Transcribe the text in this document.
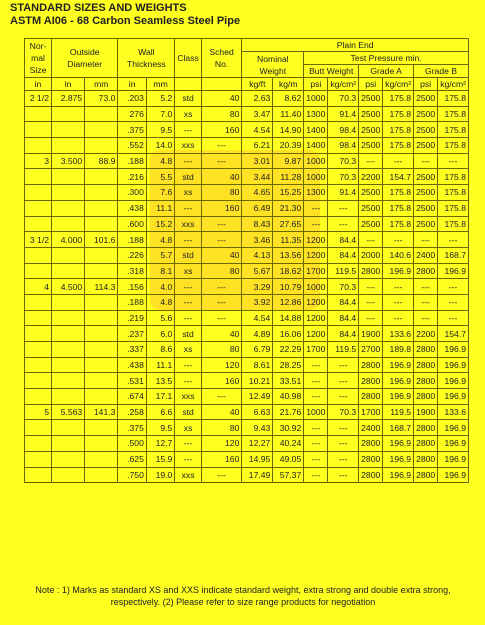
STANDARD SIZES AND WEIGHTS
ASTM AI06 - 68 Carbon Seamless Steel Pipe
Nor-mal Size	Outside Diameter		Wall Thickness		Class	Sched No.	Plain End							
							Nominal Weight		Test Pressure min.					
									Butt Weight		Grade A		Grade B	
in	in	mm	in	mm			kg/ft	kg/m	psi	kg/cm²	psi	kg/cm²	psi	kg/cm²
2 1/2	2.875	73.0	.203	5.2	std	40	2.63	8.62	1000	70.3	2500	175.8	2500	175.8
			276	7.0	xs	80	3.47	11.40	1300	91.4	2500	175.8	2500	175.8
			.375	9.5	---	160	4.54	14.90	1400	98.4	2500	175.8	2500	175.8
			.552	14.0	xxs	---	6.21	20.39	1400	98.4	2500	175.8	2500	175.8
3	3.500	88.9	.188	4.8	---	---	3.01	9.87	1000	70.3	---	---	---	---
			.216	5.5	std	40	3.44	11.28	1000	70.3	2200	154.7	2500	175.8
			.300	7.6	xs	80	4.65	15.25	1300	91.4	2500	175.8	2500	175.8
			.438	11.1	---	160	6.49	21.30	---	---	2500	175.8	2500	175.8
			.600	15.2	xxs	---	8.43	27.65	---	---	2500	175.8	2500	175.8
3 1/2	4.000	101.6	.188	4.8	---	---	3.46	11.35	1200	84.4	---	---	---	---
			.226	5.7	std	40	4.13	13.56	1200	84.4	2000	140.6	2400	168.7
			.318	8.1	xs	80	5.67	18.62	1700	119.5	2800	196.9	2800	196.9
4	4.500	114.3	.156	4.0	---	---	3.29	10.79	1000	70.3	---	---	---	---
			.188	4.8	---	---	3.92	12.86	1200	84.4	---	---	---	---
			.219	5.6	---	---	4.54	14.88	1200	84.4	---	---	---	---
			.237	6.0	std	40	4.89	16.06	1200	84.4	1900	133.6	2200	154.7
			.337	8.6	xs	80	6.79	22.29	1700	119.5	2700	189.8	2800	196.9
			.438	11.1	---	120	8.61	28.25	---	---	2800	196.9	2800	196.9
			.531	13.5	---	160	10.21	33.51	---	---	2800	196.9	2800	196.9
			.674	17.1	xxs	---	12.49	40.98	---	---	2800	196.9	2800	196.9
5	5.563	141.3	.258	6.6	std	40	6.63	21.76	1000	70.3	1700	119.5	1900	133.6
			.375	9.5	xs	80	9.43	30.92	---	---	2400	168.7	2800	196.9
			.500	12.7	---	120	12.27	40.24	---	---	2800	196.9	2800	196.9
			.625	15.9	---	160	14.95	49.05	---	---	2800	196.9	2800	196.9
			.750	19.0	xxs	---	17.49	57.37	---	---	2800	196.9	2800	196.9
Note : 1) Marks as standard XS and XXS indicate standard weight, extra strong and double extra strong, respectively. (2) Please refer to size range products for negotiation
